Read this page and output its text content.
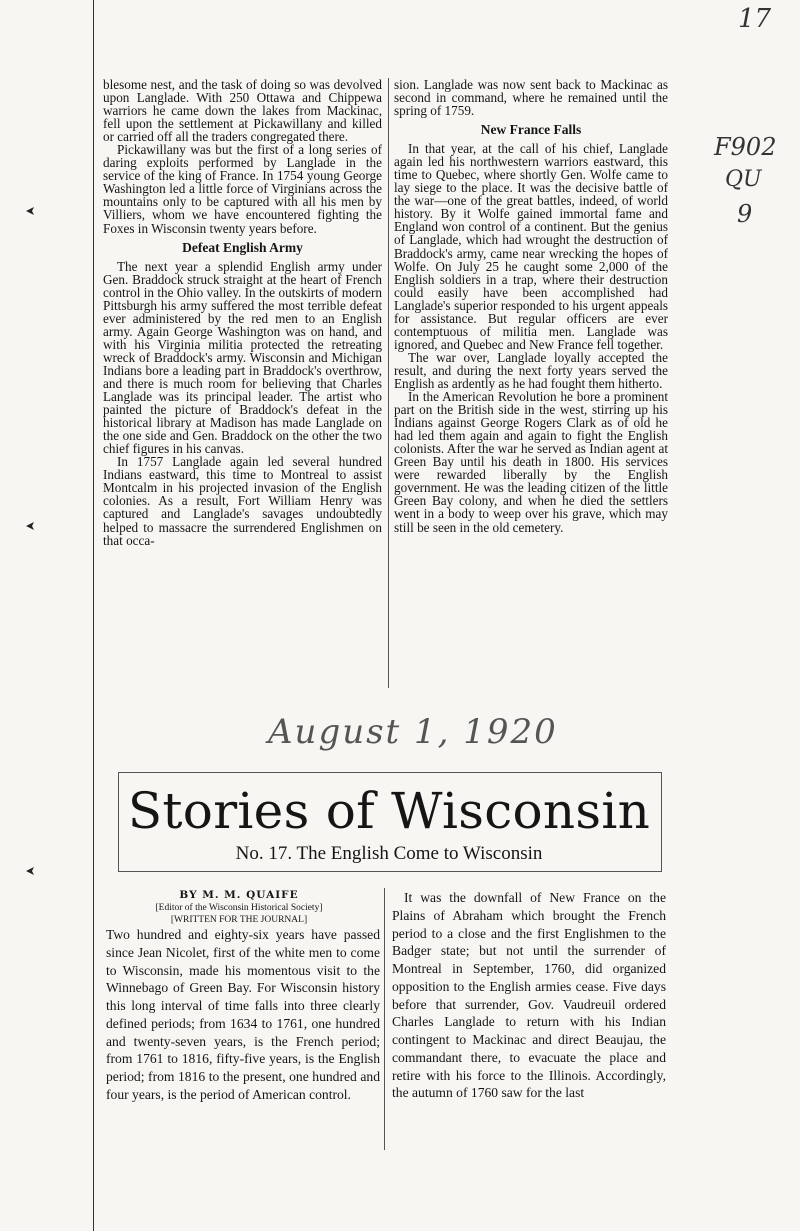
17
F902
QU
9
August 1, 1920

blesome nest, and the task of doing so was devolved upon Langlade. With 250 Ottawa and Chippewa warriors he came down the lakes from Mackinac, fell upon the settlement at Pickawillany and killed or carried off all the traders congregated there.

Pickawillany was but the first of a long series of daring exploits performed by Langlade in the service of the king of France. In 1754 young George Washington led a little force of Virginians across the mountains only to be captured with all his men by Villiers, whom we have encountered fighting the Foxes in Wisconsin twenty years before.

Defeat English Army

The next year a splendid English army under Gen. Braddock struck straight at the heart of French control in the Ohio valley. In the outskirts of modern Pittsburgh his army suffered the most terrible defeat ever administered by the red men to an English army. Again George Washington was on hand, and with his Virginia militia protected the retreating wreck of Braddock's army. Wisconsin and Michigan Indians bore a leading part in Braddock's overthrow, and there is much room for believing that Charles Langlade was its principal leader. The artist who painted the picture of Braddock's defeat in the historical library at Madison has made Langlade on the one side and Gen. Braddock on the other the two chief figures in his canvas.

In 1757 Langlade again led several hundred Indians eastward, this time to Montreal to assist Montcalm in his projected invasion of the English colonies. As a result, Fort William Henry was captured and Langlade's savages undoubtedly helped to massacre the surrendered Englishmen on that occa-

sion. Langlade was now sent back to Mackinac as second in command, where he remained until the spring of 1759.

New France Falls

In that year, at the call of his chief, Langlade again led his northwestern warriors eastward, this time to Quebec, where shortly Gen. Wolfe came to lay siege to the place. It was the decisive battle of the war—one of the great battles, indeed, of world history. By it Wolfe gained immortal fame and England won control of a continent. But the genius of Langlade, which had wrought the destruction of Braddock's army, came near wrecking the hopes of Wolfe. On July 25 he caught some 2,000 of the English soldiers in a trap, where their destruction could easily have been accomplished had Langlade's superior responded to his urgent appeals for assistance. But regular officers are ever contemptuous of militia men. Langlade was ignored, and Quebec and New France fell together.

The war over, Langlade loyally accepted the result, and during the next forty years served the English as ardently as he had fought them hitherto.

In the American Revolution he bore a prominent part on the British side in the west, stirring up his Indians against George Rogers Clark as of old he had led them again and again to fight the English colonists. After the war he served as Indian agent at Green Bay until his death in 1800. His services were rewarded liberally by the English government. He was the leading citizen of the little Green Bay colony, and when he died the settlers went in a body to weep over his grave, which may still be seen in the old cemetery.

Stories of Wisconsin
No. 17. The English Come to Wisconsin

BY M. M. QUAIFE

[Editor of the Wisconsin Historical Society]

[WRITTEN FOR THE JOURNAL]

Two hundred and eighty-six years have passed since Jean Nicolet, first of the white men to come to Wisconsin, made his momentous visit to the Winnebago of Green Bay. For Wisconsin history this long interval of time falls into three clearly defined periods; from 1634 to 1761, one hundred and twenty-seven years, is the French period; from 1761 to 1816, fifty-five years, is the English period; from 1816 to the present, one hundred and four years, is the period of American control.

It was the downfall of New France on the Plains of Abraham which brought the French period to a close and the first Englishmen to the Badger state; but not until the surrender of Montreal in September, 1760, did organized opposition to the English armies cease. Five days before that surrender, Gov. Vaudreuil ordered Charles Langlade to return with his Indian contingent to Mackinac and direct Beaujau, the commandant there, to evacuate the place and retire with his force to the Illinois. Accordingly, the autumn of 1760 saw for the last
